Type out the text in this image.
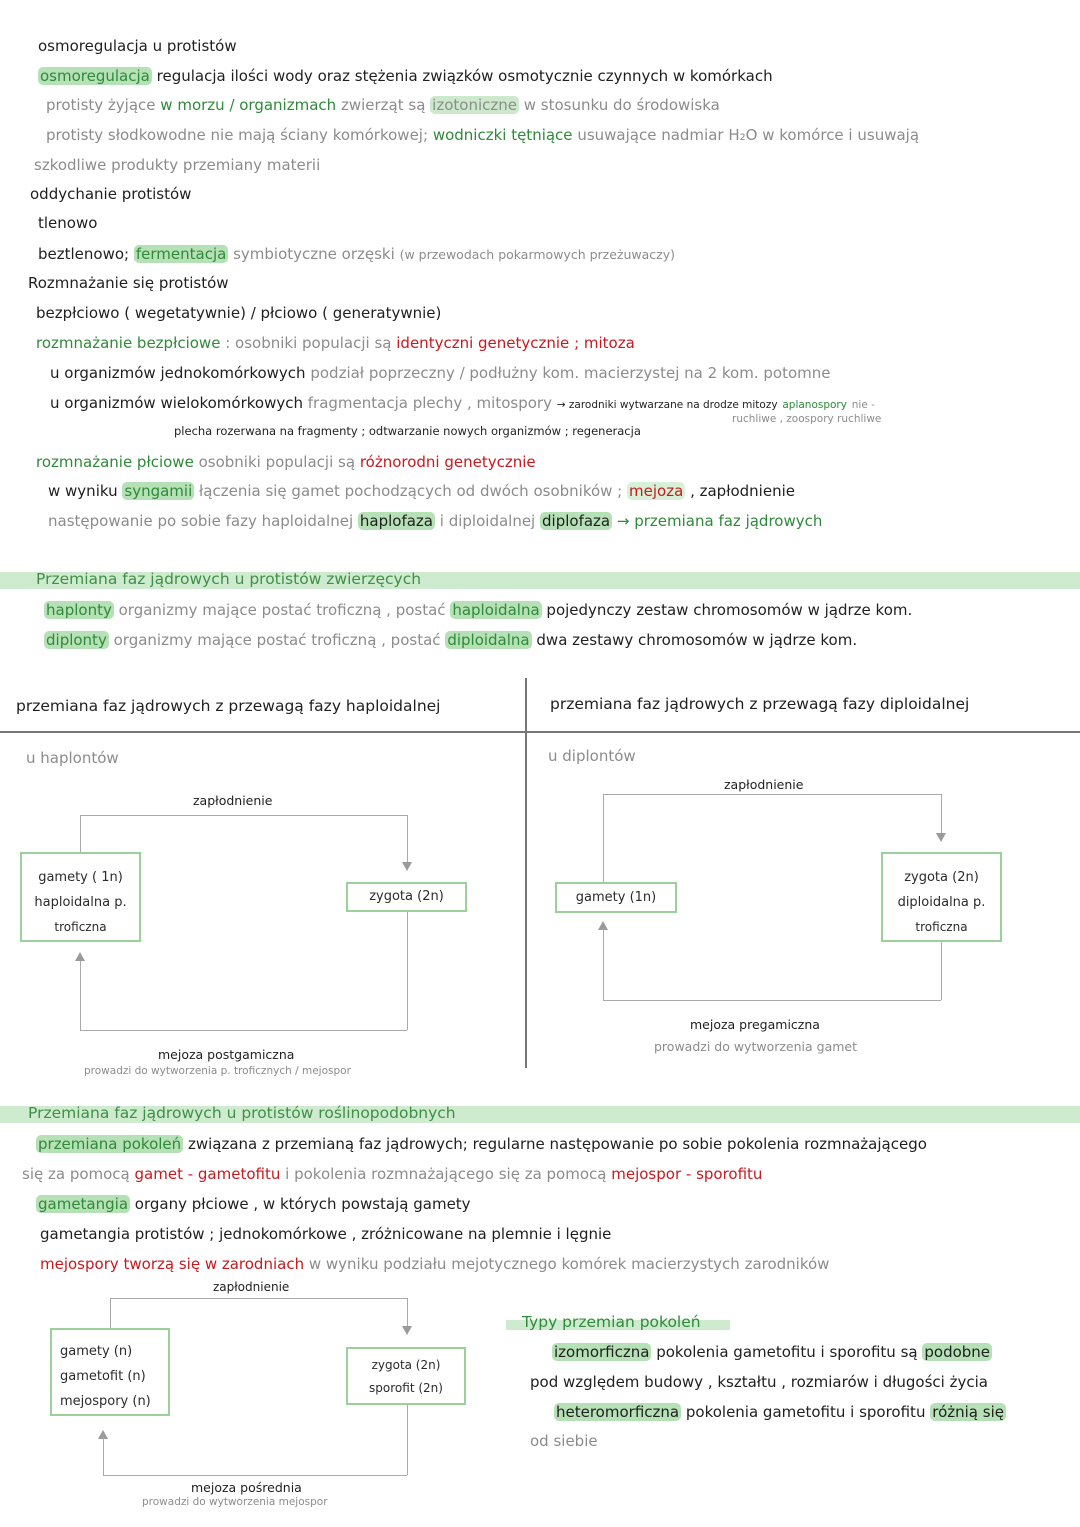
osmoregulacja u protistów
osmoregulacja regulacja ilości wody oraz stężenia związków osmotycznie czynnych w komórkach
protisty żyjące w morzu / organizmach zwierząt są izotoniczne w stosunku do środowiska
protisty słodkowodne nie mają ściany komórkowej; wodniczki tętniące usuwające nadmiar H₂O w komórce i usuwają
szkodliwe produkty przemiany materii
oddychanie protistów
tlenowo
beztlenowo; fermentacja symbiotyczne orzęski (w przewodach pokarmowych przeżuwaczy)
Rozmnażanie się protistów
bezpłciowo ( wegetatywnie) / płciowo ( generatywnie)
rozmnażanie bezpłciowe : osobniki populacji są identyczni genetycznie ; mitoza
u organizmów jednokomórkowych podział poprzeczny / podłużny kom. macierzystej na 2 kom. potomne
u organizmów wielokomórkowych fragmentacja plechy , mitospory → zarodniki wytwarzane na drodze mitozy aplanospory nie -
ruchliwe , zoospory ruchliwe
plecha rozerwana na fragmenty ; odtwarzanie nowych organizmów ; regeneracja
rozmnażanie płciowe osobniki populacji są różnorodni genetycznie
w wyniku syngamii łączenia się gamet pochodzących od dwóch osobników ; mejoza , zapłodnienie
następowanie po sobie fazy haploidalnej haplofaza i diploidalnej diplofaza → przemiana faz jądrowych
Przemiana faz jądrowych u protistów zwierzęcych
haplonty organizmy mające postać troficzną , postać haploidalna pojedynczy zestaw chromosomów w jądrze kom.
diplonty organizmy mające postać troficzną , postać diploidalna dwa zestawy chromosomów w jądrze kom.
przemiana faz jądrowych z przewagą fazy haploidalnej	przemiana faz jądrowych z przewagą fazy diploidalnej
u haplontów
zapłodnienie
gamety ( 1n)
haploidalna p.
troficzna
zygota (2n)
mejoza postgamiczna
prowadzi do wytworzenia p. troficznych / mejospor
u diplontów
zapłodnienie
gamety (1n)
zygota (2n)
diploidalna p.
troficzna
mejoza pregamiczna
prowadzi do wytworzenia gamet
Przemiana faz jądrowych u protistów roślinopodobnych
przemiana pokoleń związana z przemianą faz jądrowych; regularne następowanie po sobie pokolenia rozmnażającego
się za pomocą gamet - gametofitu i pokolenia rozmnażającego się za pomocą mejospor - sporofitu
gametangia organy płciowe , w których powstają gamety
gametangia protistów ; jednokomórkowe , zróżnicowane na plemnie i lęgnie
mejospory tworzą się w zarodniach w wyniku podziału mejotycznego komórek macierzystych zarodników
zapłodnienie
gamety (n)
gametofit (n)
mejospory (n)
zygota (2n)
sporofit (2n)
mejoza pośrednia
prowadzi do wytworzenia mejospor
Typy przemian pokoleń
izomorficzna pokolenia gametofitu i sporofitu są podobne
pod względem budowy , kształtu , rozmiarów i długości życia
heteromorficzna pokolenia gametofitu i sporofitu różnią się
od siebie
